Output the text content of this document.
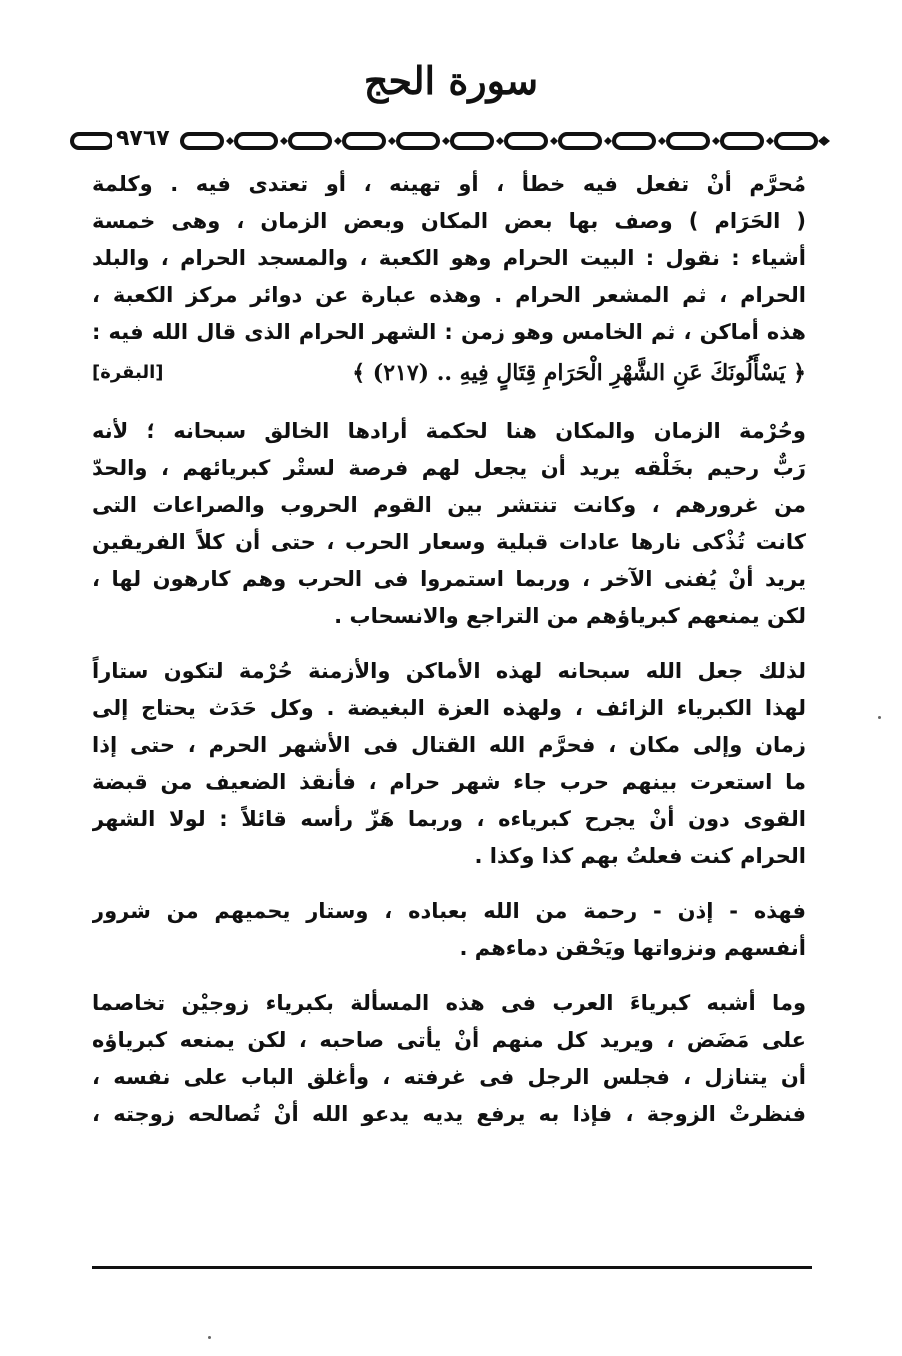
سورة الحج
٩٧٦٧
مُحرَّم أنْ تفعل فيه خطأ ، أو تهينه ، أو تعتدى فيه . وكلمة
( الحَرَام ) وصف بها بعض المكان وبعض الزمان ، وهى خمسة
أشياء : نقول : البيت الحرام وهو الكعبة ، والمسجد الحرام ، والبلد
الحرام ، ثم المشعر الحرام . وهذه عبارة عن دوائر مركز الكعبة ،
هذه أماكن ، ثم الخامس وهو زمن : الشهر الحرام الذى قال الله فيه :
﴿ يَسْأَلُونَكَ عَنِ الشَّهْرِ الْحَرَامِ قِتَالٍ فِيهِ .. (٢١٧) ﴾
[البقرة]
وحُرْمة الزمان والمكان هنا لحكمة أرادها الخالق سبحانه ؛ لأنه
رَبٌّ رحيم بخَلْقه يريد أن يجعل لهم فرصة لستْر كبريائهم ، والحدّ
من غرورهم ، وكانت تنتشر بين القوم الحروب والصراعات التى
كانت تُذْكى نارها عادات قبلية وسعار الحرب ، حتى أن كلاً الفريقين
يريد أنْ يُفنى الآخر ، وربما استمروا فى الحرب وهم كارهون لها ،
لكن يمنعهم كبرياؤهم من التراجع والانسحاب .
لذلك جعل الله سبحانه لهذه الأماكن والأزمنة حُرْمة لتكون ستاراً
لهذا الكبرياء الزائف ، ولهذه العزة البغيضة . وكل حَدَث يحتاج إلى
زمان وإلى مكان ، فحرَّم الله القتال فى الأشهر الحرم ، حتى إذا
ما استعرت بينهم حرب جاء شهر حرام ، فأنقذ الضعيف من قبضة
القوى دون أنْ يجرح كبرياءه ، وربما هَزّ رأسه قائلاً : لولا الشهر
الحرام كنت فعلتُ بهم كذا وكذا .
فهذه - إذن - رحمة من الله بعباده ، وستار يحميهم من شرور
أنفسهم ونزواتها ويَحْقن دماءهم .
وما أشبه كبرياءَ العرب فى هذه المسألة بكبرياء زوجيْن تخاصما
على مَضَض ، ويريد كل منهم أنْ يأتى صاحبه ، لكن يمنعه كبرياؤه
أن يتنازل ، فجلس الرجل فى غرفته ، وأغلق الباب على نفسه ،
فنظرتْ الزوجة ، فإذا به يرفع يديه يدعو الله أنْ تُصالحه زوجته ،
